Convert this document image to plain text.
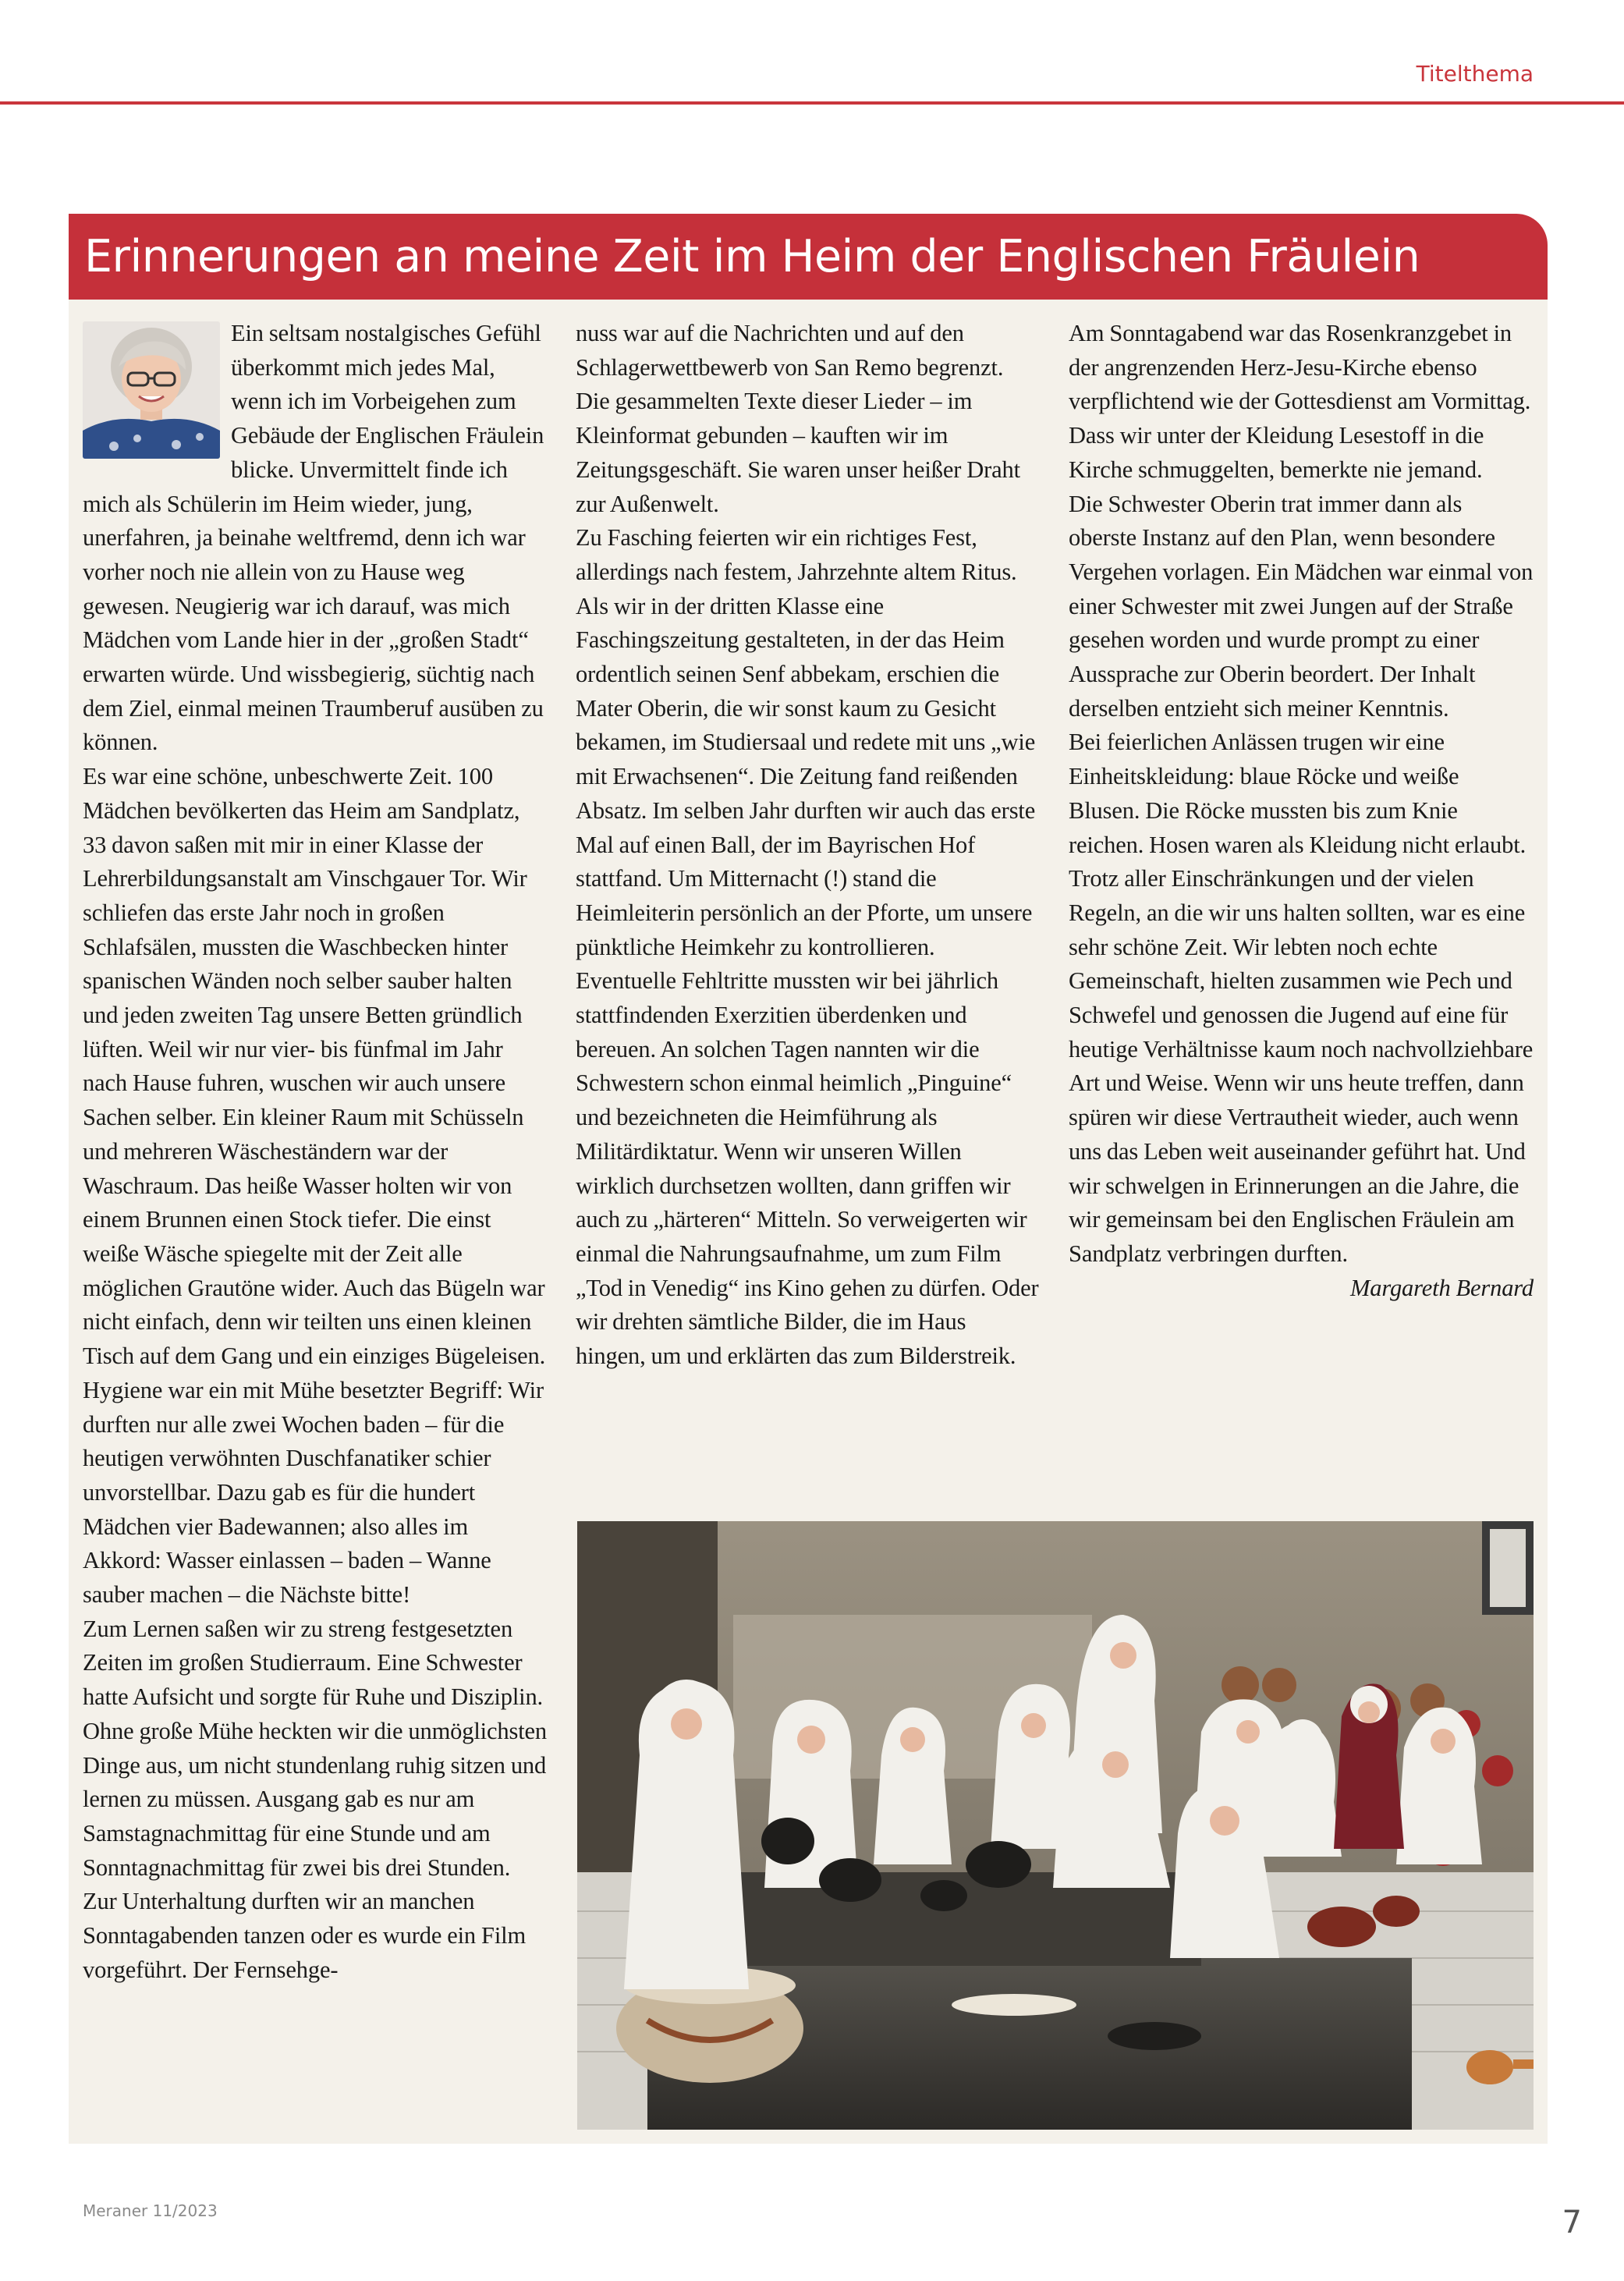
Titelthema
Erinnerungen an meine Zeit im Heim der Englischen Fräulein

Ein seltsam nostalgisches Gefühl überkommt mich jedes Mal, wenn ich im Vorbeigehen zum Gebäude der Englischen Fräulein blicke. Unvermittelt finde ich mich als Schülerin im Heim wieder, jung, unerfahren, ja beinahe weltfremd, denn ich war vorher noch nie allein von zu Hause weg gewesen. Neugierig war ich darauf, was mich Mädchen vom Lande hier in der „großen Stadt“ erwarten würde. Und wissbegierig, süchtig nach dem Ziel, einmal meinen Traumberuf ausüben zu können.

Es war eine schöne, unbeschwerte Zeit. 100 Mädchen bevölkerten das Heim am Sandplatz, 33 davon saßen mit mir in einer Klasse der Lehrerbildungsanstalt am Vinschgauer Tor. Wir schliefen das erste Jahr noch in großen Schlafsälen, mussten die Waschbecken hinter spanischen Wänden noch selber sauber halten und jeden zweiten Tag unsere Betten gründlich lüften. Weil wir nur vier- bis fünfmal im Jahr nach Hause fuhren, wuschen wir auch unsere Sachen selber. Ein kleiner Raum mit Schüsseln und mehreren Wäscheständern war der Waschraum. Das heiße Wasser holten wir von einem Brunnen einen Stock tiefer. Die einst weiße Wäsche spiegelte mit der Zeit alle möglichen Grautöne wider. Auch das Bügeln war nicht einfach, denn wir teilten uns einen kleinen Tisch auf dem Gang und ein einziges Bügeleisen. Hygiene war ein mit Mühe besetzter Begriff: Wir durften nur alle zwei Wochen baden – für die heutigen verwöhnten Duschfanatiker schier unvorstellbar. Dazu gab es für die hundert Mädchen vier Badewannen; also alles im Akkord: Wasser einlassen – baden – Wanne sauber machen – die Nächste bitte!

Zum Lernen saßen wir zu streng festgesetzten Zeiten im großen Studierraum. Eine Schwester hatte Aufsicht und sorgte für Ruhe und Disziplin. Ohne große Mühe heckten wir die unmöglichsten Dinge aus, um nicht stundenlang ruhig sitzen und lernen zu müssen. Ausgang gab es nur am Samstagnachmittag für eine Stunde und am Sonntagnachmittag für zwei bis drei Stunden. Zur Unterhaltung durften wir an manchen Sonntagabenden tanzen oder es wurde ein Film vorgeführt. Der Fernsehge-

nuss war auf die Nachrichten und auf den Schlagerwettbewerb von San Remo begrenzt. Die gesammelten Texte dieser Lieder – im Kleinformat gebunden – kauften wir im Zeitungsgeschäft. Sie waren unser heißer Draht zur Außenwelt.

Zu Fasching feierten wir ein richtiges Fest, allerdings nach festem, Jahrzehnte altem Ritus. Als wir in der dritten Klasse eine Faschingszeitung gestalteten, in der das Heim ordentlich seinen Senf abbekam, erschien die Mater Oberin, die wir sonst kaum zu Gesicht bekamen, im Studiersaal und redete mit uns „wie mit Erwachsenen“. Die Zeitung fand reißenden Absatz. Im selben Jahr durften wir auch das erste Mal auf einen Ball, der im Bayrischen Hof stattfand. Um Mitternacht (!) stand die Heimleiterin persönlich an der Pforte, um unsere pünktliche Heimkehr zu kontrollieren. Eventuelle Fehltritte mussten wir bei jährlich stattfindenden Exerzitien überdenken und bereuen. An solchen Tagen nannten wir die Schwestern schon einmal heimlich „Pinguine“ und bezeichneten die Heimführung als Militärdiktatur. Wenn wir unseren Willen wirklich durchsetzen wollten, dann griffen wir auch zu „härteren“ Mitteln. So verweigerten wir einmal die Nahrungsaufnahme, um zum Film „Tod in Venedig“ ins Kino gehen zu dürfen. Oder wir drehten sämtliche Bilder, die im Haus hingen, um und erklärten das zum Bilderstreik.

Am Sonntagabend war das Rosenkranzgebet in der angrenzenden Herz-Jesu-Kirche ebenso verpflichtend wie der Gottesdienst am Vormittag. Dass wir unter der Kleidung Lesestoff in die Kirche schmuggelten, bemerkte nie jemand.

Die Schwester Oberin trat immer dann als oberste Instanz auf den Plan, wenn besondere Vergehen vorlagen. Ein Mädchen war einmal von einer Schwester mit zwei Jungen auf der Straße gesehen worden und wurde prompt zu einer Aussprache zur Oberin beordert. Der Inhalt derselben entzieht sich meiner Kenntnis.

Bei feierlichen Anlässen trugen wir eine Einheitskleidung: blaue Röcke und weiße Blusen. Die Röcke mussten bis zum Knie reichen. Hosen waren als Kleidung nicht erlaubt.

Trotz aller Einschränkungen und der vielen Regeln, an die wir uns halten sollten, war es eine sehr schöne Zeit. Wir lebten noch echte Gemeinschaft, hielten zusammen wie Pech und Schwefel und genossen die Jugend auf eine für heutige Verhältnisse kaum noch nachvollziehbare Art und Weise. Wenn wir uns heute treffen, dann spüren wir diese Vertrautheit wieder, auch wenn uns das Leben weit auseinander geführt hat. Und wir schwelgen in Erinnerungen an die Jahre, die wir gemeinsam bei den Englischen Fräulein am Sandplatz verbringen durften.

Margareth Bernard

Meraner 11/2023	7
